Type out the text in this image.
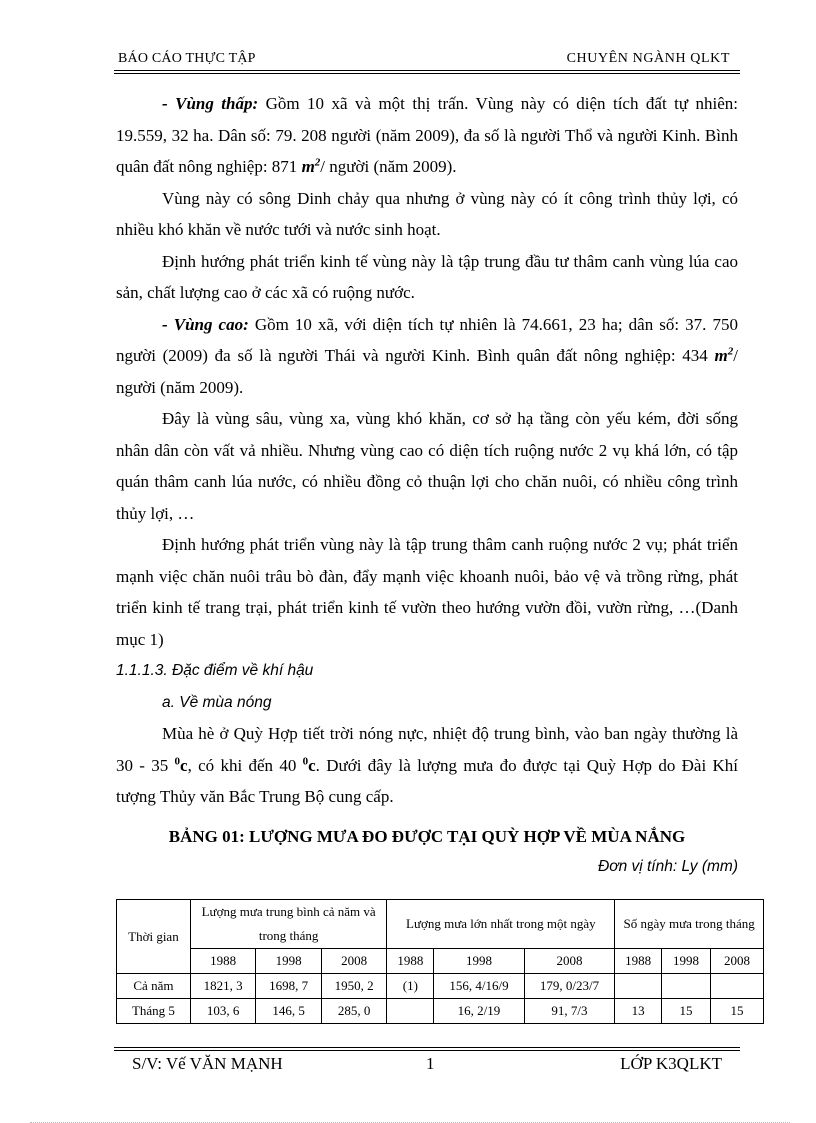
BÁO CÁO THỰC TẬP	CHUYÊN NGÀNH QLKT

- Vùng thấp: Gồm 10 xã và một thị trấn. Vùng này có diện tích đất tự nhiên: 19.559, 32 ha. Dân số: 79. 208 người (năm 2009), đa số là người Thổ và người Kinh. Bình quân đất nông nghiệp: 871 $m^2/$ người (năm 2009).

Vùng này có sông Dinh chảy qua nhưng ở vùng này có ít công trình thủy lợi, có nhiều khó khăn về nước tưới và nước sinh hoạt.

Định hướng phát triển kinh tế vùng này là tập trung đầu tư thâm canh vùng lúa cao sản, chất lượng cao ở các xã có ruộng nước.

- Vùng cao: Gồm 10 xã, với diện tích tự nhiên là 74.661, 23 ha; dân số: 37. 750 người (2009) đa số là người Thái và người Kinh. Bình quân đất nông nghiệp: 434 $m^2/$ người (năm 2009).

Đây là vùng sâu, vùng xa, vùng khó khăn, cơ sở hạ tầng còn yếu kém, đời sống nhân dân còn vất vả nhiều. Nhưng vùng cao có diện tích ruộng nước 2 vụ khá lớn, có tập quán thâm canh lúa nước, có nhiều đồng cỏ thuận lợi cho chăn nuôi, có nhiều công trình thủy lợi, …

Định hướng phát triển vùng này là tập trung thâm canh ruộng nước 2 vụ; phát triển mạnh việc chăn nuôi trâu bò đàn, đẩy mạnh việc khoanh nuôi, bảo vệ và trồng rừng, phát triển kinh tế trang trại, phát triển kinh tế vườn theo hướng vườn đồi, vườn rừng, …(Danh mục 1)

1.1.1.3. Đặc điểm về khí hậu

a. Về mùa nóng

Mùa hè ở Quỳ Hợp tiết trời nóng nực, nhiệt độ trung bình, vào ban ngày thường là 30 - 35 $^0$c, có khi đến 40 $^0$c. Dưới đây là lượng mưa đo được tại Quỳ Hợp do Đài Khí tượng Thủy văn Bắc Trung Bộ cung cấp.

BẢNG 01: LƯỢNG MƯA ĐO ĐƯỢC TẠI QUỲ HỢP VỀ MÙA NẮNG

Đơn vị tính: Ly (mm)

Thời gian	Lượng mưa trung bình cả năm và trong tháng			Lượng mưa lớn nhất trong một ngày			Số ngày mưa trong tháng		
	1988	1998	2008	1988	1998	2008	1988	1998	2008
Cả năm	1821, 3	1698, 7	1950, 2	(1)	156, 4/16/9	179, 0/23/7			
Tháng 5	103, 6	146, 5	285, 0		16, 2/19	91, 7/3	13	15	15
S/V: Vế VĂN MẠNH	1	LỚP K3QLKT
